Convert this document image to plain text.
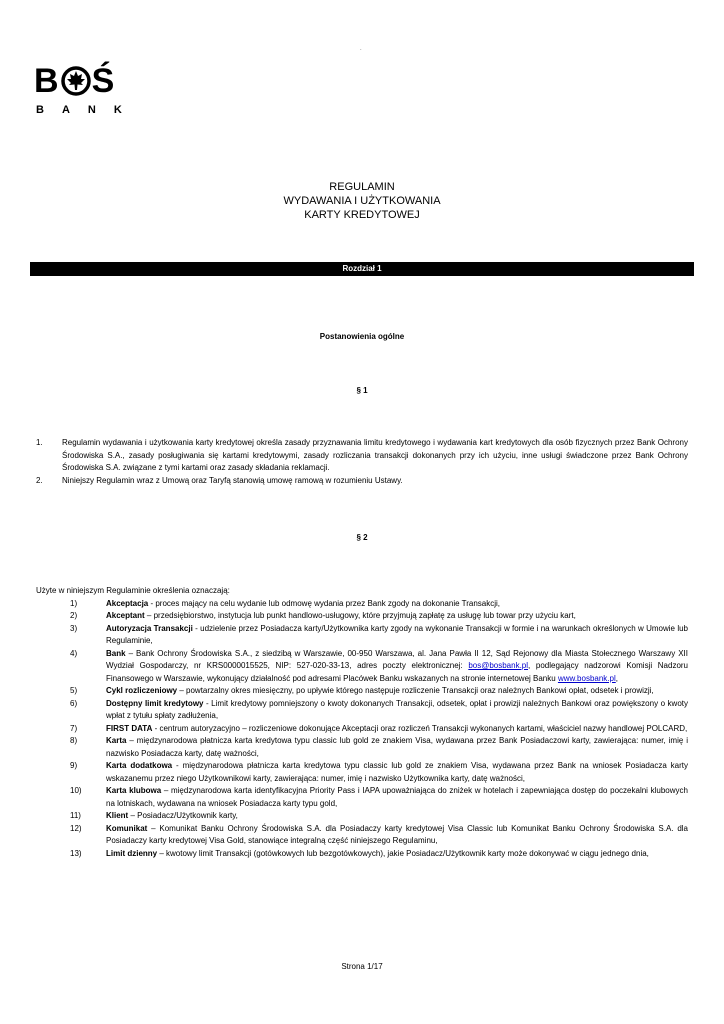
.
B Ś
BANK
REGULAMIN
WYDAWANIA I UŻYTKOWANIA
KARTY KREDYTOWEJ
Rozdział 1
Postanowienia ogólne
§ 1
1.	Regulamin wydawania i użytkowania karty kredytowej określa zasady przyznawania limitu kredytowego i wydawania kart kredytowych dla osób fizycznych przez Bank Ochrony Środowiska S.A., zasady posługiwania się kartami kredytowymi, zasady rozliczania transakcji dokonanych przy ich użyciu, inne usługi świadczone przez Bank Ochrony Środowiska S.A. związane z tymi kartami oraz zasady składania reklamacji.
2.	Niniejszy Regulamin wraz z Umową oraz Taryfą stanowią umowę ramową w rozumieniu Ustawy.
§ 2
Użyte w niniejszym Regulaminie określenia oznaczają:
1)	Akceptacja - proces mający na celu wydanie lub odmowę wydania przez Bank zgody na dokonanie Transakcji,
2)	Akceptant – przedsiębiorstwo, instytucja lub punkt handlowo-usługowy, które przyjmują zapłatę za usługę lub towar przy użyciu kart,
3)	Autoryzacja Transakcji - udzielenie przez Posiadacza karty/Użytkownika karty zgody na wykonanie Transakcji w formie i na warunkach określonych w Umowie lub Regulaminie,
4)	Bank – Bank Ochrony Środowiska S.A., z siedzibą w Warszawie, 00-950 Warszawa, al. Jana Pawła II 12, Sąd Rejonowy dla Miasta Stołecznego Warszawy XII Wydział Gospodarczy, nr KRS0000015525, NIP: 527-020-33-13, adres poczty elektronicznej: bos@bosbank.pl, podlegający nadzorowi Komisji Nadzoru Finansowego w Warszawie, wykonujący działalność pod adresami Placówek Banku wskazanych na stronie internetowej Banku www.bosbank.pl,
5)	Cykl rozliczeniowy – powtarzalny okres miesięczny, po upływie którego następuje rozliczenie Transakcji oraz należnych Bankowi opłat, odsetek i prowizji,
6)	Dostępny limit kredytowy - Limit kredytowy pomniejszony o kwoty dokonanych Transakcji, odsetek, opłat i prowizji należnych Bankowi oraz powiększony o kwoty wpłat z tytułu spłaty zadłużenia,
7)	FIRST DATA - centrum autoryzacyjno – rozliczeniowe dokonujące Akceptacji oraz rozliczeń Transakcji wykonanych kartami, właściciel nazwy handlowej POLCARD,
8)	Karta – międzynarodowa płatnicza karta kredytowa typu classic lub gold ze znakiem Visa, wydawana przez Bank Posiadaczowi karty, zawierająca: numer, imię i nazwisko Posiadacza karty, datę ważności,
9)	Karta dodatkowa - międzynarodowa płatnicza karta kredytowa typu classic lub gold ze znakiem Visa, wydawana przez Bank na wniosek Posiadacza karty wskazanemu przez niego Użytkownikowi karty, zawierająca: numer, imię i nazwisko Użytkownika karty, datę ważności,
10)	Karta klubowa – międzynarodowa karta identyfikacyjna Priority Pass i IAPA upoważniająca do zniżek w hotelach i zapewniająca dostęp do poczekalni klubowych na lotniskach, wydawana na wniosek Posiadacza karty typu gold,
11)	Klient – Posiadacz/Użytkownik karty,
12)	Komunikat – Komunikat Banku Ochrony Środowiska S.A. dla Posiadaczy karty kredytowej Visa Classic lub Komunikat Banku Ochrony Środowiska S.A. dla Posiadaczy karty kredytowej Visa Gold, stanowiące integralną część niniejszego Regulaminu,
13)	Limit dzienny – kwotowy limit Transakcji (gotówkowych lub bezgotówkowych), jakie Posiadacz/Użytkownik karty może dokonywać w ciągu jednego dnia,
Strona 1/17
